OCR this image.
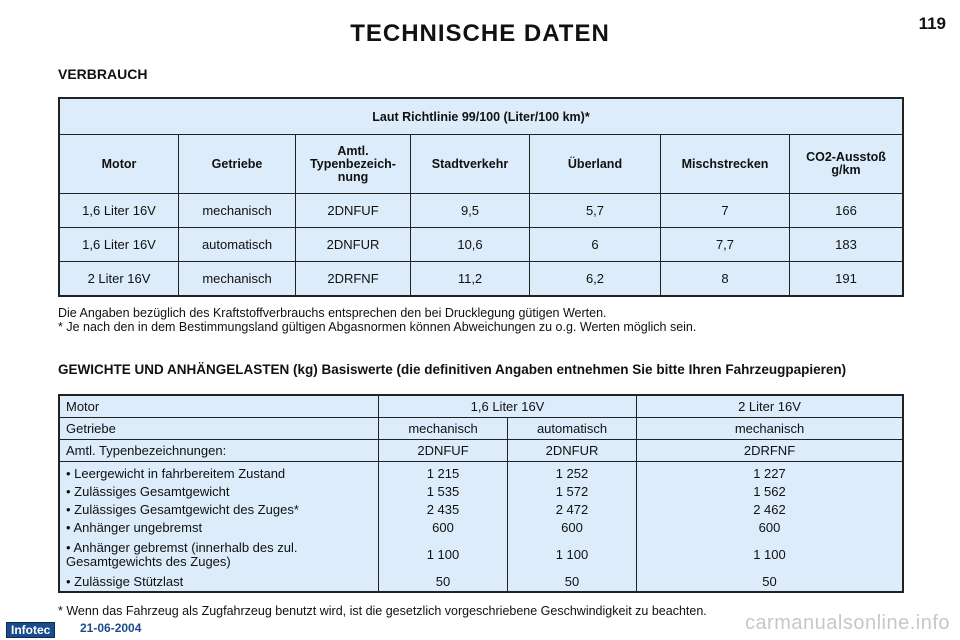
TECHNISCHE DATEN	119
VERBRAUCH
Laut Richtlinie 99/100 (Liter/100 km)*						
Motor	Getriebe	Amtl. Typenbezeich- nung	Stadtverkehr	Überland	Mischstrecken	CO2-Ausstoß g/km
1,6 Liter 16V	mechanisch	2DNFUF	9,5	5,7	7	166
1,6 Liter 16V	automatisch	2DNFUR	10,6	6	7,7	183
2 Liter 16V	mechanisch	2DRFNF	11,2	6,2	8	191
Die Angaben bezüglich des Kraftstoffverbrauchs entsprechen den bei Drucklegung gütigen Werten.
* Je nach den in dem Bestimmungsland gültigen Abgasnormen können Abweichungen zu o.g. Werten möglich sein.
GEWICHTE UND ANHÄNGELASTEN (kg) Basiswerte (die definitiven Angaben entnehmen Sie bitte Ihren Fahrzeugpapieren)
Motor	1,6 Liter 16V		2 Liter 16V
Getriebe	mechanisch	automatisch	mechanisch
Amtl. Typenbezeichnungen:	2DNFUF	2DNFUR	2DRFNF
• Leergewicht in fahrbereitem Zustand	1 215	1 252	1 227
• Zulässiges Gesamtgewicht	1 535	1 572	1 562
• Zulässiges Gesamtgewicht des Zuges*	2 435	2 472	2 462
• Anhänger ungebremst	600	600	600
• Anhänger gebremst (innerhalb des zul. Gesamtgewichts des Zuges)	1 100	1 100	1 100
• Zulässige Stützlast	50	50	50
* Wenn das Fahrzeug als Zugfahrzeug benutzt wird, ist die gesetzlich vorgeschriebene Geschwindigkeit zu beachten.
Infotec	21-06-2004	carmanualsonline.info
